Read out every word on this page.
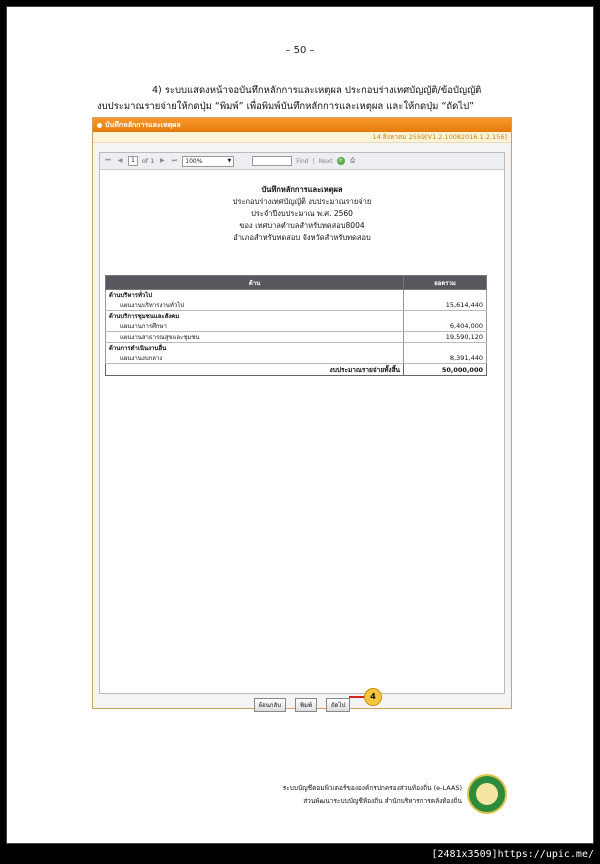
– 50 –
4) ระบบแสดงหน้าจอบันทึกหลักการและเหตุผล ประกอบร่างเทศบัญญัติ/ข้อบัญญัติ
งบประมาณรายจ่ายให้กดปุ่ม “พิมพ์” เพื่อพิมพ์บันทึกหลักการและเหตุผล และให้กดปุ่ม “ถัดไป”
บันทึกหลักการและเหตุผล
14 สิงหาคม 2559[V1.2.10082016.1.2.156]
⏮ ◀	1	of 1 ▶ ⏭	100%	▼	Find | Next	⟳	⎙
บันทึกหลักการและเหตุผล
ประกอบร่างเทศบัญญัติ งบประมาณรายจ่าย
ประจำปีงบประมาณ พ.ศ. 2560
ของ เทศบาลตำบลสำหรับทดสอบ8004
อำเภอสำหรับทดสอบ จังหวัดสำหรับทดสอบ
ด้าน	ยอดรวม
ด้านบริหารทั่วไป	
แผนงานบริหารงานทั่วไป	15,614,440
ด้านบริการชุมชนและสังคม	
แผนงานการศึกษา	6,404,000
แผนงานสาธารณสุขและชุมชน	19,590,120
ด้านการดำเนินงานอื่น	
แผนงานงบกลาง	8,391,440
งบประมาณรายจ่ายทั้งสิ้น	50,000,000
ย้อนกลับ	พิมพ์	ถัดไป
4
ระบบบัญชีคอมพิวเตอร์ขององค์กรปกครองส่วนท้องถิ่น (e-LAAS)
ส่วนพัฒนาระบบบัญชีท้องถิ่น สำนักบริหารการคลังท้องถิ่น
[2481x3509]https://upic.me/
